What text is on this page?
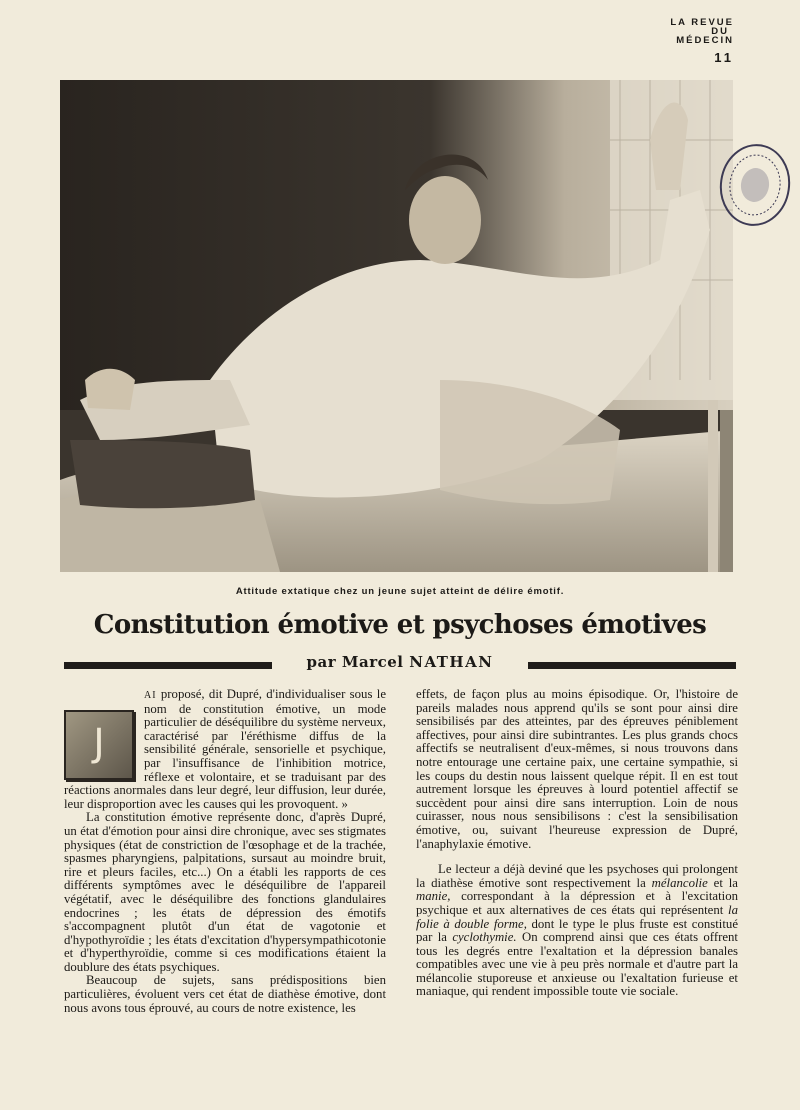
LA REVUE
DU
MÉDECIN
11
Attitude extatique chez un jeune sujet atteint de délire émotif.
Constitution émotive et psychoses émotives
par Marcel NATHAN
J

AI proposé, dit Dupré, d'individualiser sous le nom de constitution émotive, un mode particulier de déséquilibre du système nerveux, caractérisé par l'éréthisme diffus de la sensibilité générale, sensorielle et psychique, par l'insuffisance de l'inhibition motrice, réflexe et volontaire, et se traduisant par des réactions anormales dans leur degré, leur diffusion, leur durée, leur disproportion avec les causes qui les provoquent. »

La constitution émotive représente donc, d'après Dupré, un état d'émotion pour ainsi dire chronique, avec ses stigmates physiques (état de constriction de l'œsophage et de la trachée, spasmes pharyngiens, palpitations, sursaut au moindre bruit, rire et pleurs faciles, etc...) On a établi les rapports de ces différents symptômes avec le déséquilibre de l'appareil végétatif, avec le déséquilibre des fonctions glandulaires endocrines ; les états de dépression des émotifs s'accompagnent plutôt d'un état de vagotonie et d'hypothyroïdie ; les états d'excitation d'hypersympathicotonie et d'hyperthyroïdie, comme si ces modifications étaient la doublure des états psychiques.

Beaucoup de sujets, sans prédispositions bien particulières, évoluent vers cet état de diathèse émotive, dont nous avons tous éprouvé, au cours de notre existence, les

effets, de façon plus au moins épisodique. Or, l'histoire de pareils malades nous apprend qu'ils se sont pour ainsi dire sensibilisés par des atteintes, par des épreuves péniblement affectives, pour ainsi dire subintrantes. Les plus grands chocs affectifs se neutralisent d'eux-mêmes, si nous trouvons dans notre entourage une certaine paix, une certaine sympathie, si les coups du destin nous laissent quelque répit. Il en est tout autrement lorsque les épreuves à lourd potentiel affectif se succèdent pour ainsi dire sans interruption. Loin de nous cuirasser, nous nous sensibilisons : c'est la sensibilisation émotive, ou, suivant l'heureuse expression de Dupré, l'anaphylaxie émotive.

Le lecteur a déjà deviné que les psychoses qui prolongent la diathèse émotive sont respectivement la mélancolie et la manie, correspondant à la dépression et à l'excitation psychique et aux alternatives de ces états qui représentent la folie à double forme, dont le type le plus fruste est constitué par la cyclothymie. On comprend ainsi que ces états offrent tous les degrés entre l'exaltation et la dépression banales compatibles avec une vie à peu près normale et d'autre part la mélancolie stuporeuse et anxieuse ou l'exaltation furieuse et maniaque, qui rendent impossible toute vie sociale.
